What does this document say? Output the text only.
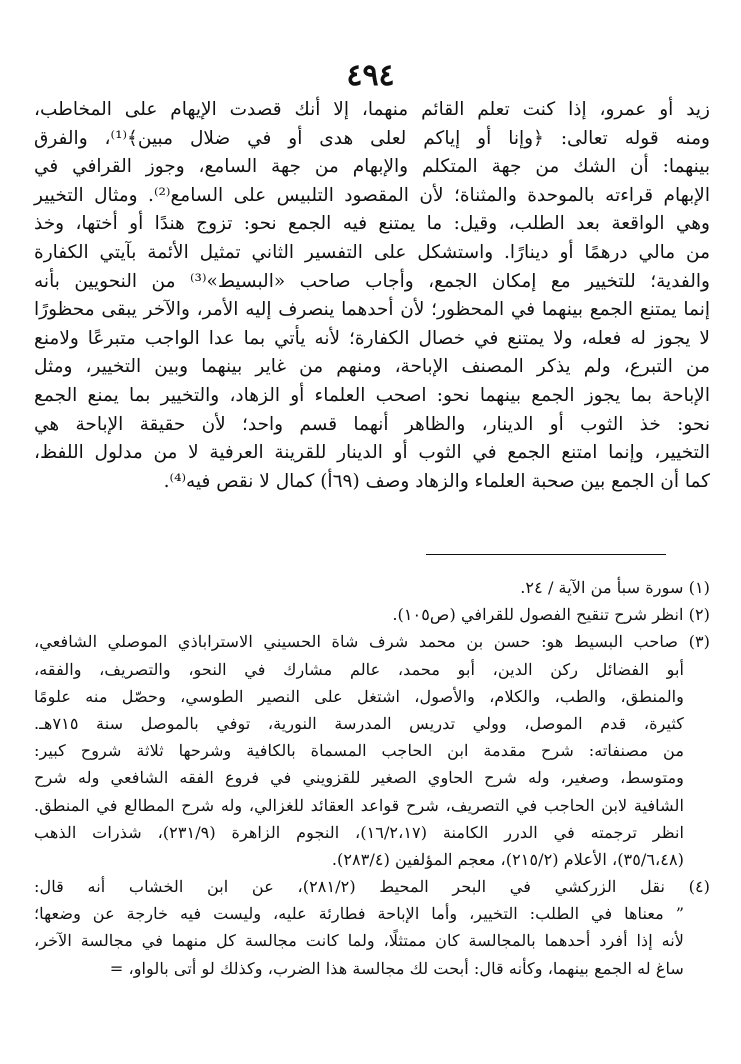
٤٩٤
زيد أو عمرو، إذا كنت تعلم القائم منهما، إلا أنك قصدت الإيهام على المخاطب،
ومنه قوله تعالى: ﴿وإنا أو إياكم لعلى هدى أو في ضلال مبين﴾⁽¹⁾، والفرق
بينهما: أن الشك من جهة المتكلم والإبهام من جهة السامع، وجوز القرافي في
الإبهام قراءته بالموحدة والمثناة؛ لأن المقصود التلبيس على السامع⁽²⁾. ومثال التخيير
وهي الواقعة بعد الطلب، وقيل: ما يمتنع فيه الجمع نحو: تزوج هندًا أو أختها، وخذ
من مالي درهمًا أو دينارًا. واستشكل على التفسير الثاني تمثيل الأئمة بآيتي الكفارة
والفدية؛ للتخيير مع إمكان الجمع، وأجاب صاحب «البسيط»⁽³⁾ من النحويين بأنه
إنما يمتنع الجمع بينهما في المحظور؛ لأن أحدهما ينصرف إليه الأمر، والآخر يبقى محظورًا
لا يجوز له فعله، ولا يمتنع في خصال الكفارة؛ لأنه يأتي بما عدا الواجب متبرعًا ولامنع
من التبرع، ولم يذكر المصنف الإباحة، ومنهم من غاير بينهما وبين التخيير، ومثل
الإباحة بما يجوز الجمع بينهما نحو: اصحب العلماء أو الزهاد، والتخيير بما يمنع الجمع
نحو: خذ الثوب أو الدينار، والظاهر أنهما قسم واحد؛ لأن حقيقة الإباحة هي
التخيير، وإنما امتنع الجمع في الثوب أو الدينار للقرينة العرفية لا من مدلول اللفظ،
كما أن الجمع بين صحبة العلماء والزهاد وصف (٦٩أ) كمال لا نقص فيه⁽⁴⁾.
(١) سورة سبأ من الآية / ٢٤.
(٢) انظر شرح تنقيح الفصول للقرافي (ص١٠٥).
(٣) صاحب البسيط هو: حسن بن محمد شرف شاة الحسيني الاستراباذي الموصلي الشافعي،
أبو الفضائل ركن الدين، أبو محمد، عالم مشارك في النحو، والتصريف، والفقه،
والمنطق، والطب، والكلام، والأصول، اشتغل على النصير الطوسي، وحصّل منه علومًا
كثيرة، قدم الموصل، وولي تدريس المدرسة النورية، توفي بالموصل سنة ٧١٥هـ.
من مصنفاته: شرح مقدمة ابن الحاجب المسماة بالكافية وشرحها ثلاثة شروح كبير:
ومتوسط، وصغير، وله شرح الحاوي الصغير للقزويني في فروع الفقه الشافعي وله شرح
الشافية لابن الحاجب في التصريف، شرح قواعد العقائد للغزالي، وله شرح المطالع في المنطق.
انظر ترجمته في الدرر الكامنة (١٦/٢،١٧)، النجوم الزاهرة (٢٣١/٩)، شذرات الذهب
(٣٥/٦،٤٨)، الأعلام (٢١٥/٢)، معجم المؤلفين (٢٨٣/٤).
(٤) نقل الزركشي في البحر المحيط (٢٨١/٢)، عن ابن الخشاب أنه قال:
” معناها في الطلب: التخيير، وأما الإباحة فطارئة عليه، وليست فيه خارجة عن وضعها؛
لأنه إذا أفرد أحدهما بالمجالسة كان ممتثلًا، ولما كانت مجالسة كل منهما في مجالسة الآخر،
ساغ له الجمع بينهما، وكأنه قال: أبحت لك مجالسة هذا الضرب، وكذلك لو أتى بالواو، =
